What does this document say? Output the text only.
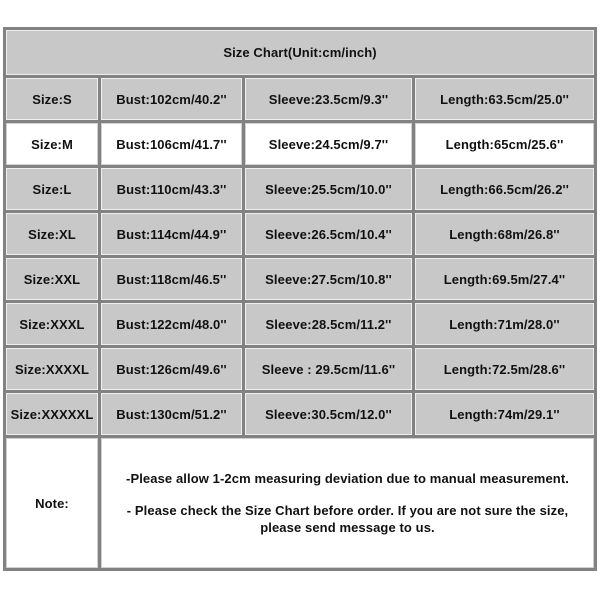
Size Chart(Unit:cm/inch)
Size:S	Bust:102cm/40.2''	Sleeve:23.5cm/9.3''	Length:63.5cm/25.0''
Size:M	Bust:106cm/41.7''	Sleeve:24.5cm/9.7''	Length:65cm/25.6''
Size:L	Bust:110cm/43.3''	Sleeve:25.5cm/10.0''	Length:66.5cm/26.2''
Size:XL	Bust:114cm/44.9''	Sleeve:26.5cm/10.4''	Length:68m/26.8''
Size:XXL	Bust:118cm/46.5''	Sleeve:27.5cm/10.8''	Length:69.5m/27.4''
Size:XXXL	Bust:122cm/48.0''	Sleeve:28.5cm/11.2''	Length:71m/28.0''
Size:XXXXL	Bust:126cm/49.6''	Sleeve : 29.5cm/11.6''	Length:72.5m/28.6''
Size:XXXXXL	Bust:130cm/51.2''	Sleeve:30.5cm/12.0''	Length:74m/29.1''
Note:

-Please allow 1-2cm measuring deviation due to manual measurement.

- Please check the Size Chart before order. If you are not sure the size, please send message to us.
